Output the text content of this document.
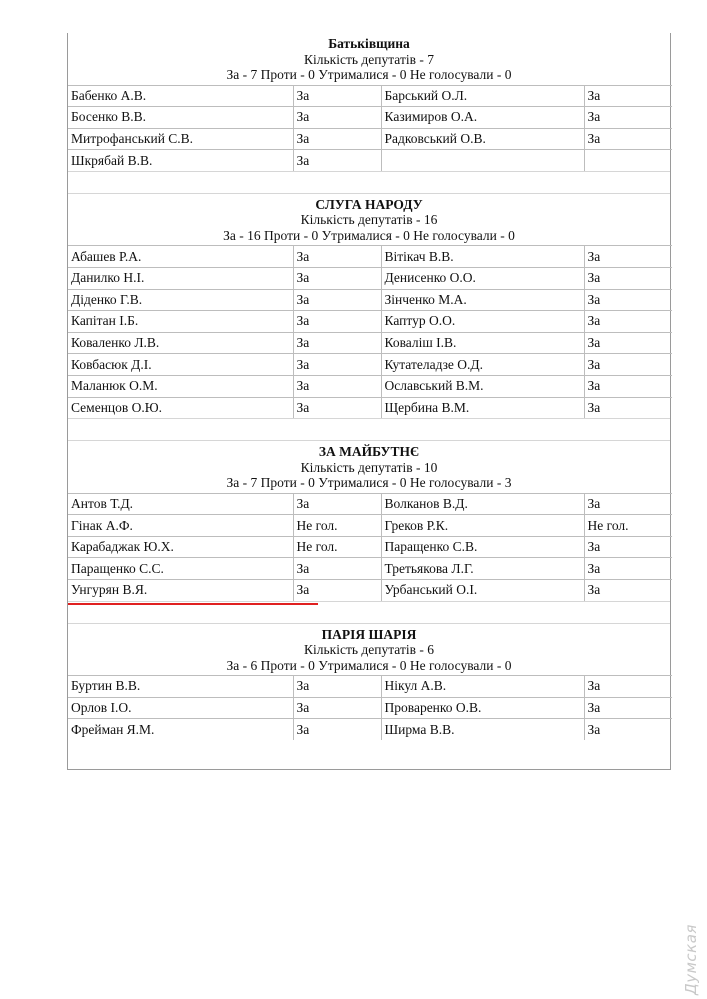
Батьківщина
Кількість депутатів - 7
За - 7 Проти - 0 Утрималися - 0 Не голосували - 0
Бабенко А.В.	За	Барський О.Л.	За
Босенко В.В.	За	Казимиров О.А.	За
Митрофанський С.В.	За	Радковський О.В.	За
Шкрябай В.В.	За		
СЛУГА НАРОДУ
Кількість депутатів - 16
За - 16 Проти - 0 Утрималися - 0 Не голосували - 0
Абашев Р.А.	За	Вітікач В.В.	За
Данилко Н.І.	За	Денисенко О.О.	За
Діденко Г.В.	За	Зінченко М.А.	За
Капітан І.Б.	За	Каптур О.О.	За
Коваленко Л.В.	За	Коваліш І.В.	За
Ковбасюк Д.І.	За	Кутателадзе О.Д.	За
Маланюк О.М.	За	Ославський В.М.	За
Семенцов О.Ю.	За	Щербина В.М.	За
ЗА МАЙБУТНЄ
Кількість депутатів - 10
За - 7 Проти - 0 Утрималися - 0 Не голосували - 3
Антов Т.Д.	За	Волканов В.Д.	За
Гінак А.Ф.	Не гол.	Греков Р.К.	Не гол.
Карабаджак Ю.Х.	Не гол.	Паращенко С.В.	За
Паращенко С.С.	За	Третьякова Л.Г.	За
Унгурян В.Я.	За	Урбанський О.І.	За
ПАРІЯ ШАРІЯ
Кількість депутатів - 6
За - 6 Проти - 0 Утрималися - 0 Не голосували - 0
Буртин В.В.	За	Нікул А.В.	За
Орлов І.О.	За	Проваренко О.В.	За
Фрейман Я.М.	За	Ширма В.В.	За
Думская
